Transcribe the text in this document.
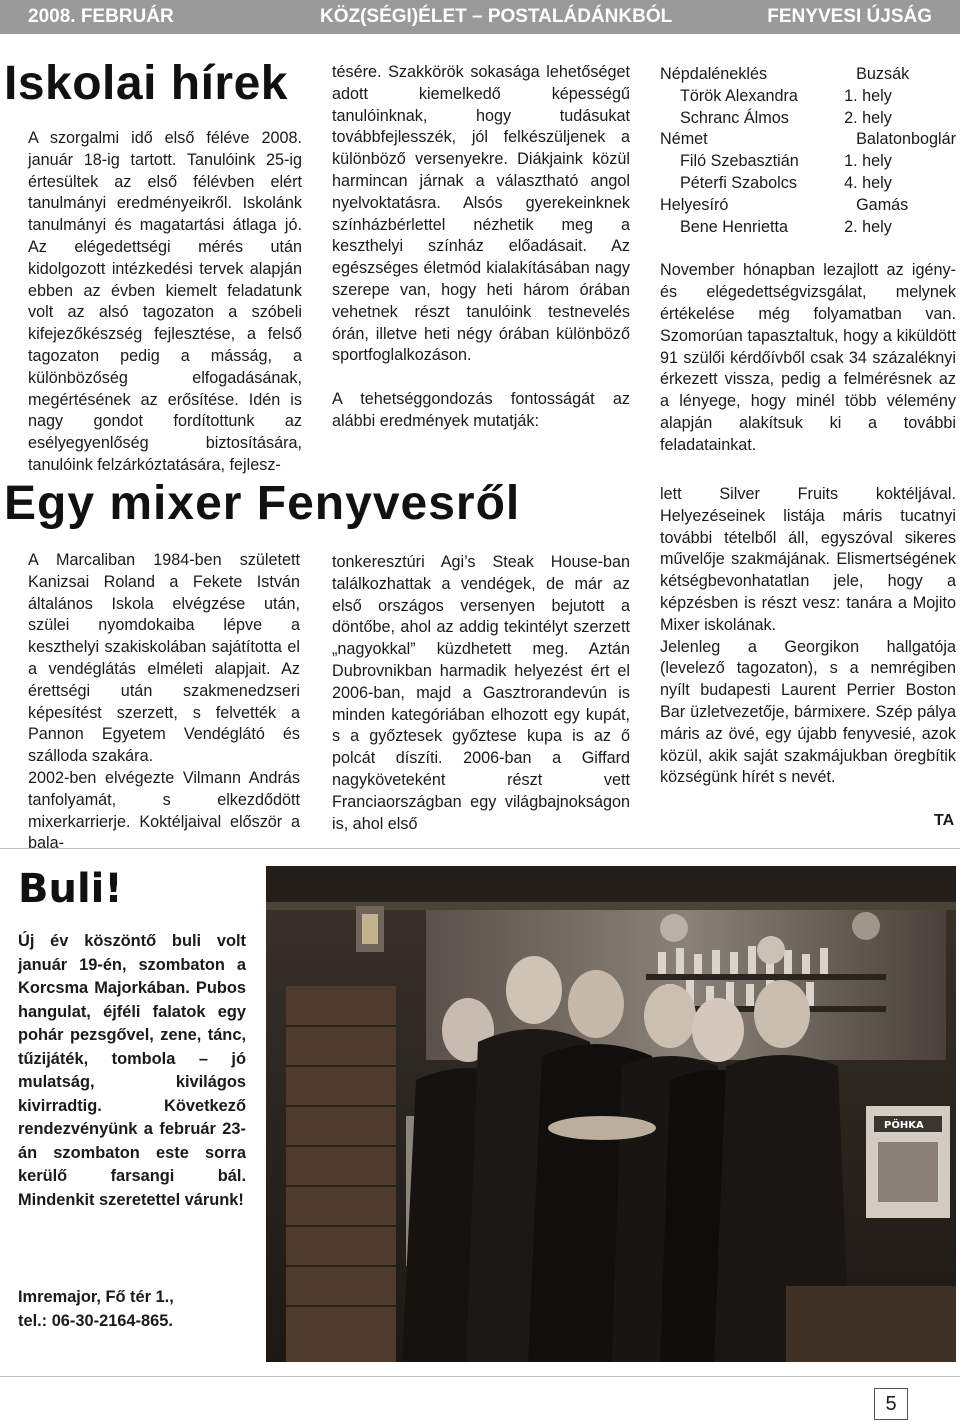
2008. FEBRUÁR	KÖZ(SÉGI)ÉLET – POSTALÁDÁNKBÓL	FENYVESI ÚJSÁG
Iskolai hírek

A szorgalmi idő első féléve 2008. január 18-ig tartott. Tanulóink 25-ig értesültek az első félévben elért tanulmányi eredményeikről. Iskolánk tanulmányi és magatartási átlaga jó. Az elégedettségi mérés után kidolgozott intézkedési tervek alapján ebben az évben kiemelt feladatunk volt az alsó tagozaton a szóbeli kifejezőkészség fejlesztése, a felső tagozaton pedig a másság, a különbözőség elfogadásának, megértésének az erősítése. Idén is nagy gondot fordítottunk az esélyegyenlőség biztosítására, tanulóink felzárkóztatására, fejlesz-

tésére. Szakkörök sokasága lehetőséget adott kiemelkedő képességű tanulóinknak, hogy tudásukat továbbfejlesszék, jól felkészüljenek a különböző versenyekre. Diákjaink közül harmincan járnak a választható angol nyelvoktatásra. Alsós gyerekeinknek színházbérlettel nézhetik meg a keszthelyi színház előadásait. Az egészséges életmód kialakításában nagy szerepe van, hogy heti három órában vehetnek részt tanulóink testnevelés órán, illetve heti négy órában különböző sportfoglalkozáson.

A tehetséggondozás fontosságát az alábbi eredmények mutatják:

Népdaléneklés	Buzsák
Török Alexandra	1. hely
Schranc Álmos	2. hely
Német	Balatonboglár
Filó Szebasztián	1. hely
Péterfi Szabolcs	4. hely
Helyesíró	Gamás
Bene Henrietta	2. hely

November hónapban lezajlott az igény- és elégedettségvizsgálat, melynek értékelése még folyamatban van. Szomorúan tapasztaltuk, hogy a kiküldött 91 szülői kérdőívből csak 34 százaléknyi érkezett vissza, pedig a felmérésnek az a lényege, hogy minél több vélemény alapján alakítsuk ki a további feladatainkat.

Egy mixer Fenyvesről

A Marcaliban 1984-ben született Kanizsai Roland a Fekete István általános Iskola elvégzése után, szülei nyomdokaiba lépve a keszthelyi szakiskolában sajátította el a vendéglátás elméleti alapjait. Az érettségi után szakmenedzseri képesítést szerzett, s felvették a Pannon Egyetem Vendéglátó és szálloda szakára.

2002-ben elvégezte Vilmann András tanfolyamát, s elkezdődött mixerkarrierje. Koktéljaival először a bala-

tonkeresztúri Agi’s Steak House-ban találkozhattak a vendégek, de már az első országos versenyen bejutott a döntőbe, ahol az addig tekintélyt szerzett „nagyokkal” küzdhetett meg. Aztán Dubrovnikban harmadik helyezést ért el 2006-ban, majd a Gasztrorandevún is minden kategóriában elhozott egy kupát, s a győztesek győztese kupa is az ő polcát díszíti. 2006-ban a Giffard nagyköveteként részt vett Franciaországban egy világbajnokságon is, ahol első

lett Silver Fruits koktéljával. Helyezéseinek listája máris tucatnyi további tételből áll, egyszóval sikeres művelője szakmájának. Elismertségének kétségbevonhatatlan jele, hogy a képzésben is részt vesz: tanára a Mojito Mixer iskolának.

Jelenleg a Georgikon hallgatója (levelező tagozaton), s a nemrégiben nyílt budapesti Laurent Perrier Boston Bar üzletvezetője, bármixere. Szép pálya máris az övé, egy újabb fenyvesié, azok közül, akik saját szakmájukban öregbítik községünk hírét s nevét.

TA
Buli!
Új év köszöntő buli volt január 19-én, szombaton a Korcsma Majorkában. Pubos hangulat, éjféli falatok egy pohár pezsgővel, zene, tánc, tűzijáték, tombola – jó mulatság, kivilágos kivirradtig. Következő rendezvényünk a február 23-án szombaton este sorra kerülő farsangi bál. Mindenkit szeretettel várunk!
Imremajor, Fő tér 1.,
tel.: 06-30-2164-865.
PÖHKA
5
